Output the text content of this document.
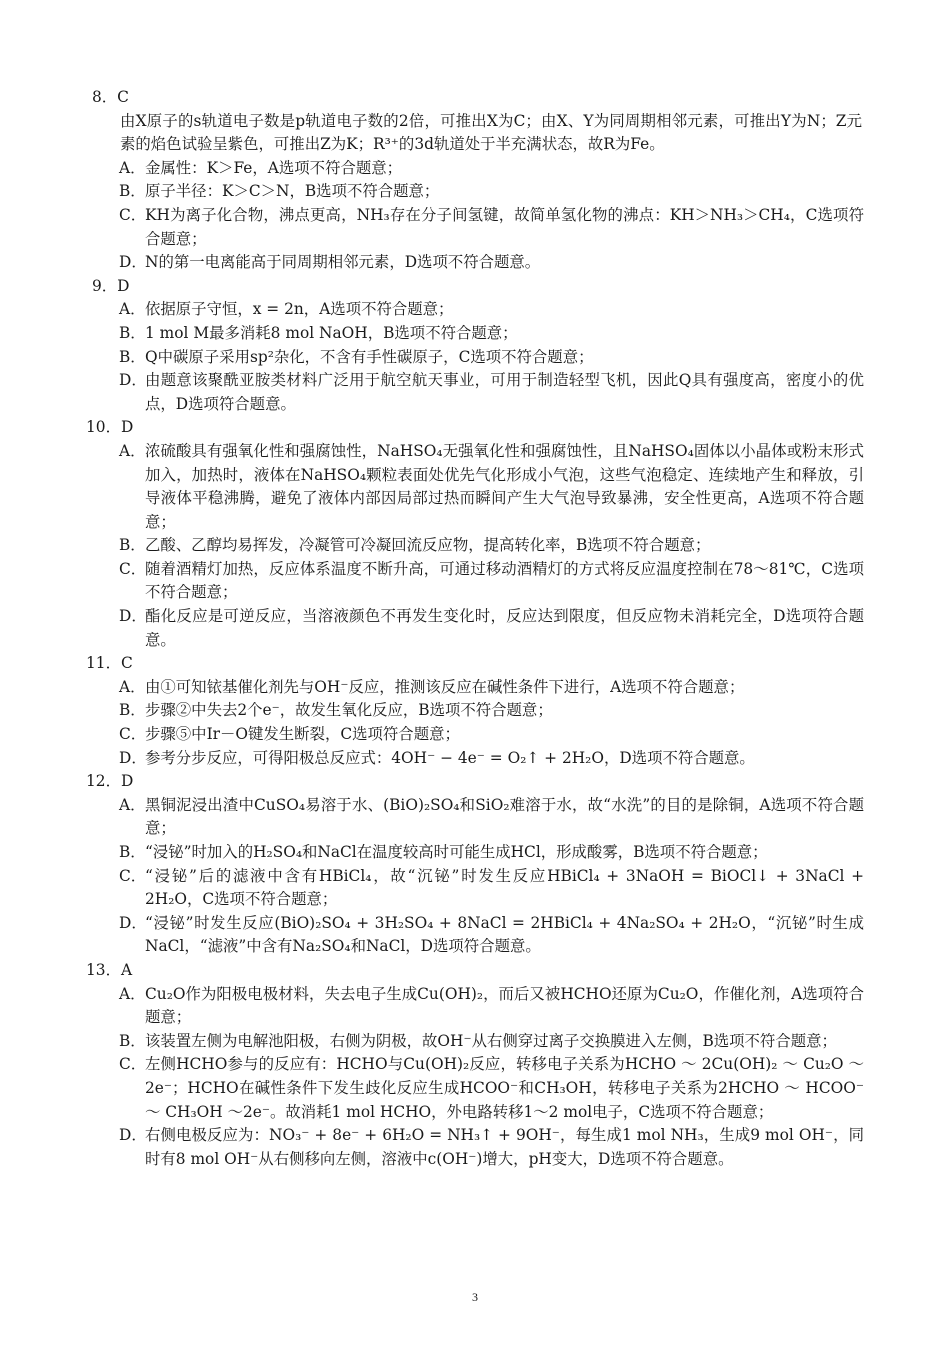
8．C
由X原子的s轨道电子数是p轨道电子数的2倍，可推出X为C；由X、Y为同周期相邻元素，可推出Y为N；Z元素的焰色试验呈紫色，可推出Z为K；R³⁺的3d轨道处于半充满状态，故R为Fe。
A． 金属性：K＞Fe，A选项不符合题意；
B． 原子半径：K＞C＞N，B选项不符合题意；
C．
KH为离子化合物，沸点更高，NH₃存在分子间氢键，故简单氢化物的沸点：KH＞NH₃＞CH₄，C选项符合题意；
D．
N的第一电离能高于同周期相邻元素，D选项不符合题意。
9．D
A． 依据原子守恒，x = 2n，A选项不符合题意；
B． 1 mol M最多消耗8 mol NaOH，B选项不符合题意；
B． Q中碳原子采用sp²杂化，不含有手性碳原子，C选项不符合题意；
D．
由题意该聚酰亚胺类材料广泛用于航空航天事业，可用于制造轻型飞机，因此Q具有强度高，密度小的优点，D选项符合题意。
10．D
A． 浓硫酸具有强氧化性和强腐蚀性，NaHSO₄无强氧化性和强腐蚀性，且NaHSO₄固体以小晶体或粉末形式加入，加热时，液体在NaHSO₄颗粒表面处优先气化形成小气泡，这些气泡稳定、连续地产生和释放，引导液体平稳沸腾，避免了液体内部因局部过热而瞬间产生大气泡导致暴沸，安全性更高，A选项不符合题意；
B． 乙酸、乙醇均易挥发，冷凝管可冷凝回流反应物，提高转化率，B选项不符合题意；
C．
随着酒精灯加热，反应体系温度不断升高，可通过移动酒精灯的方式将反应温度控制在78～81℃，C选项不符合题意；
D．
酯化反应是可逆反应，当溶液颜色不再发生变化时，反应达到限度，但反应物未消耗完全，D选项符合题意。
11．C
A． 由①可知铱基催化剂先与OH⁻反应，推测该反应在碱性条件下进行，A选项不符合题意；
B． 步骤②中失去2个e⁻，故发生氧化反应，B选项不符合题意；
C．
步骤⑤中Ir－O键发生断裂，C选项符合题意；
D．
参考分步反应，可得阳极总反应式：4OH⁻ − 4e⁻ = O₂↑ + 2H₂O，D选项不符合题意。
12．D
A． 黑铜泥浸出渣中CuSO₄易溶于水、(BiO)₂SO₄和SiO₂难溶于水，故“水洗”的目的是除铜，A选项不符合题意；
B． “浸铋”时加入的H₂SO₄和NaCl在温度较高时可能生成HCl，形成酸雾，B选项不符合题意；
C．
“浸铋”后的滤液中含有HBiCl₄，故“沉铋”时发生反应HBiCl₄ + 3NaOH = BiOCl↓ + 3NaCl + 2H₂O，C选项不符合题意；
D．
“浸铋”时发生反应(BiO)₂SO₄ + 3H₂SO₄ + 8NaCl = 2HBiCl₄ + 4Na₂SO₄ + 2H₂O，“沉铋”时生成NaCl，“滤液”中含有Na₂SO₄和NaCl，D选项符合题意。
13．A
A． Cu₂O作为阳极电极材料，失去电子生成Cu(OH)₂，而后又被HCHO还原为Cu₂O，作催化剂，A选项符合题意；
B． 该装置左侧为电解池阳极，右侧为阴极，故OH⁻从右侧穿过离子交换膜进入左侧，B选项不符合题意；
C．
左侧HCHO参与的反应有：HCHO与Cu(OH)₂反应，转移电子关系为HCHO ～ 2Cu(OH)₂ ～ Cu₂O ～2e⁻；HCHO在碱性条件下发生歧化反应生成HCOO⁻和CH₃OH，转移电子关系为2HCHO ～ HCOO⁻～ CH₃OH ～2e⁻。故消耗1 mol HCHO，外电路转移1～2 mol电子，C选项不符合题意；
D．
右侧电极反应为：NO₃⁻ + 8e⁻ + 6H₂O = NH₃↑ + 9OH⁻，每生成1 mol NH₃，生成9 mol OH⁻，同时有8 mol OH⁻从右侧移向左侧，溶液中c(OH⁻)增大，pH变大，D选项不符合题意。
3
